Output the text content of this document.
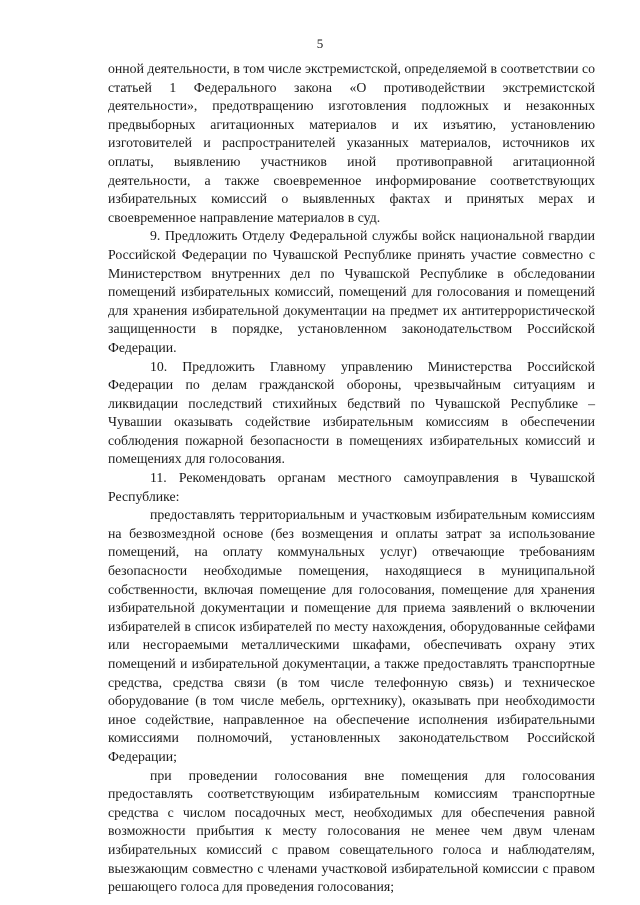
5

онной деятельности, в том числе экстремистской, определяемой в соответствии со статьей 1 Федерального закона «О противодействии экстремистской деятельности», предотвращению изготовления подложных и незаконных предвыборных агитационных материалов и их изъятию, установлению изготовителей и распространителей указанных материалов, источников их оплаты, выявлению участников иной противоправной агитационной деятельности, а также своевременное информирование соответствующих избирательных комиссий о выявленных фактах и принятых мерах и своевременное направление материалов в суд.

9. Предложить Отделу Федеральной службы войск национальной гвардии Российской Федерации по Чувашской Республике принять участие совместно с Министерством внутренних дел по Чувашской Республике в обследовании помещений избирательных комиссий, помещений для голосования и помещений для хранения избирательной документации на предмет их антитеррористической защищенности в порядке, установленном законодательством Российской Федерации.

10. Предложить Главному управлению Министерства Российской Федерации по делам гражданской обороны, чрезвычайным ситуациям и ликвидации последствий стихийных бедствий по Чувашской Республике – Чувашии оказывать содействие избирательным комиссиям в обеспечении соблюдения пожарной безопасности в помещениях избирательных комиссий и помещениях для голосования.

11. Рекомендовать органам местного самоуправления в Чувашской Республике:

предоставлять территориальным и участковым избирательным комиссиям на безвозмездной основе (без возмещения и оплаты затрат за использование помещений, на оплату коммунальных услуг) отвечающие требованиям безопасности необходимые помещения, находящиеся в муниципальной собственности, включая помещение для голосования, помещение для хранения избирательной документации и помещение для приема заявлений о включении избирателей в список избирателей по месту нахождения, оборудованные сейфами или несгораемыми металлическими шкафами, обеспечивать охрану этих помещений и избирательной документации, а также предоставлять транспортные средства, средства связи (в том числе телефонную связь) и техническое оборудование (в том числе мебель, оргтехнику), оказывать при необходимости иное содействие, направленное на обеспечение исполнения избирательными комиссиями полномочий, установленных законодательством Российской Федерации;

при проведении голосования вне помещения для голосования предоставлять соответствующим избирательным комиссиям транспортные средства с числом посадочных мест, необходимых для обеспечения равной возможности прибытия к месту голосования не менее чем двум членам избирательных комиссий с правом совещательного голоса и наблюдателям, выезжающим совместно с членами участковой избирательной комиссии с правом решающего голоса для проведения голосования;
